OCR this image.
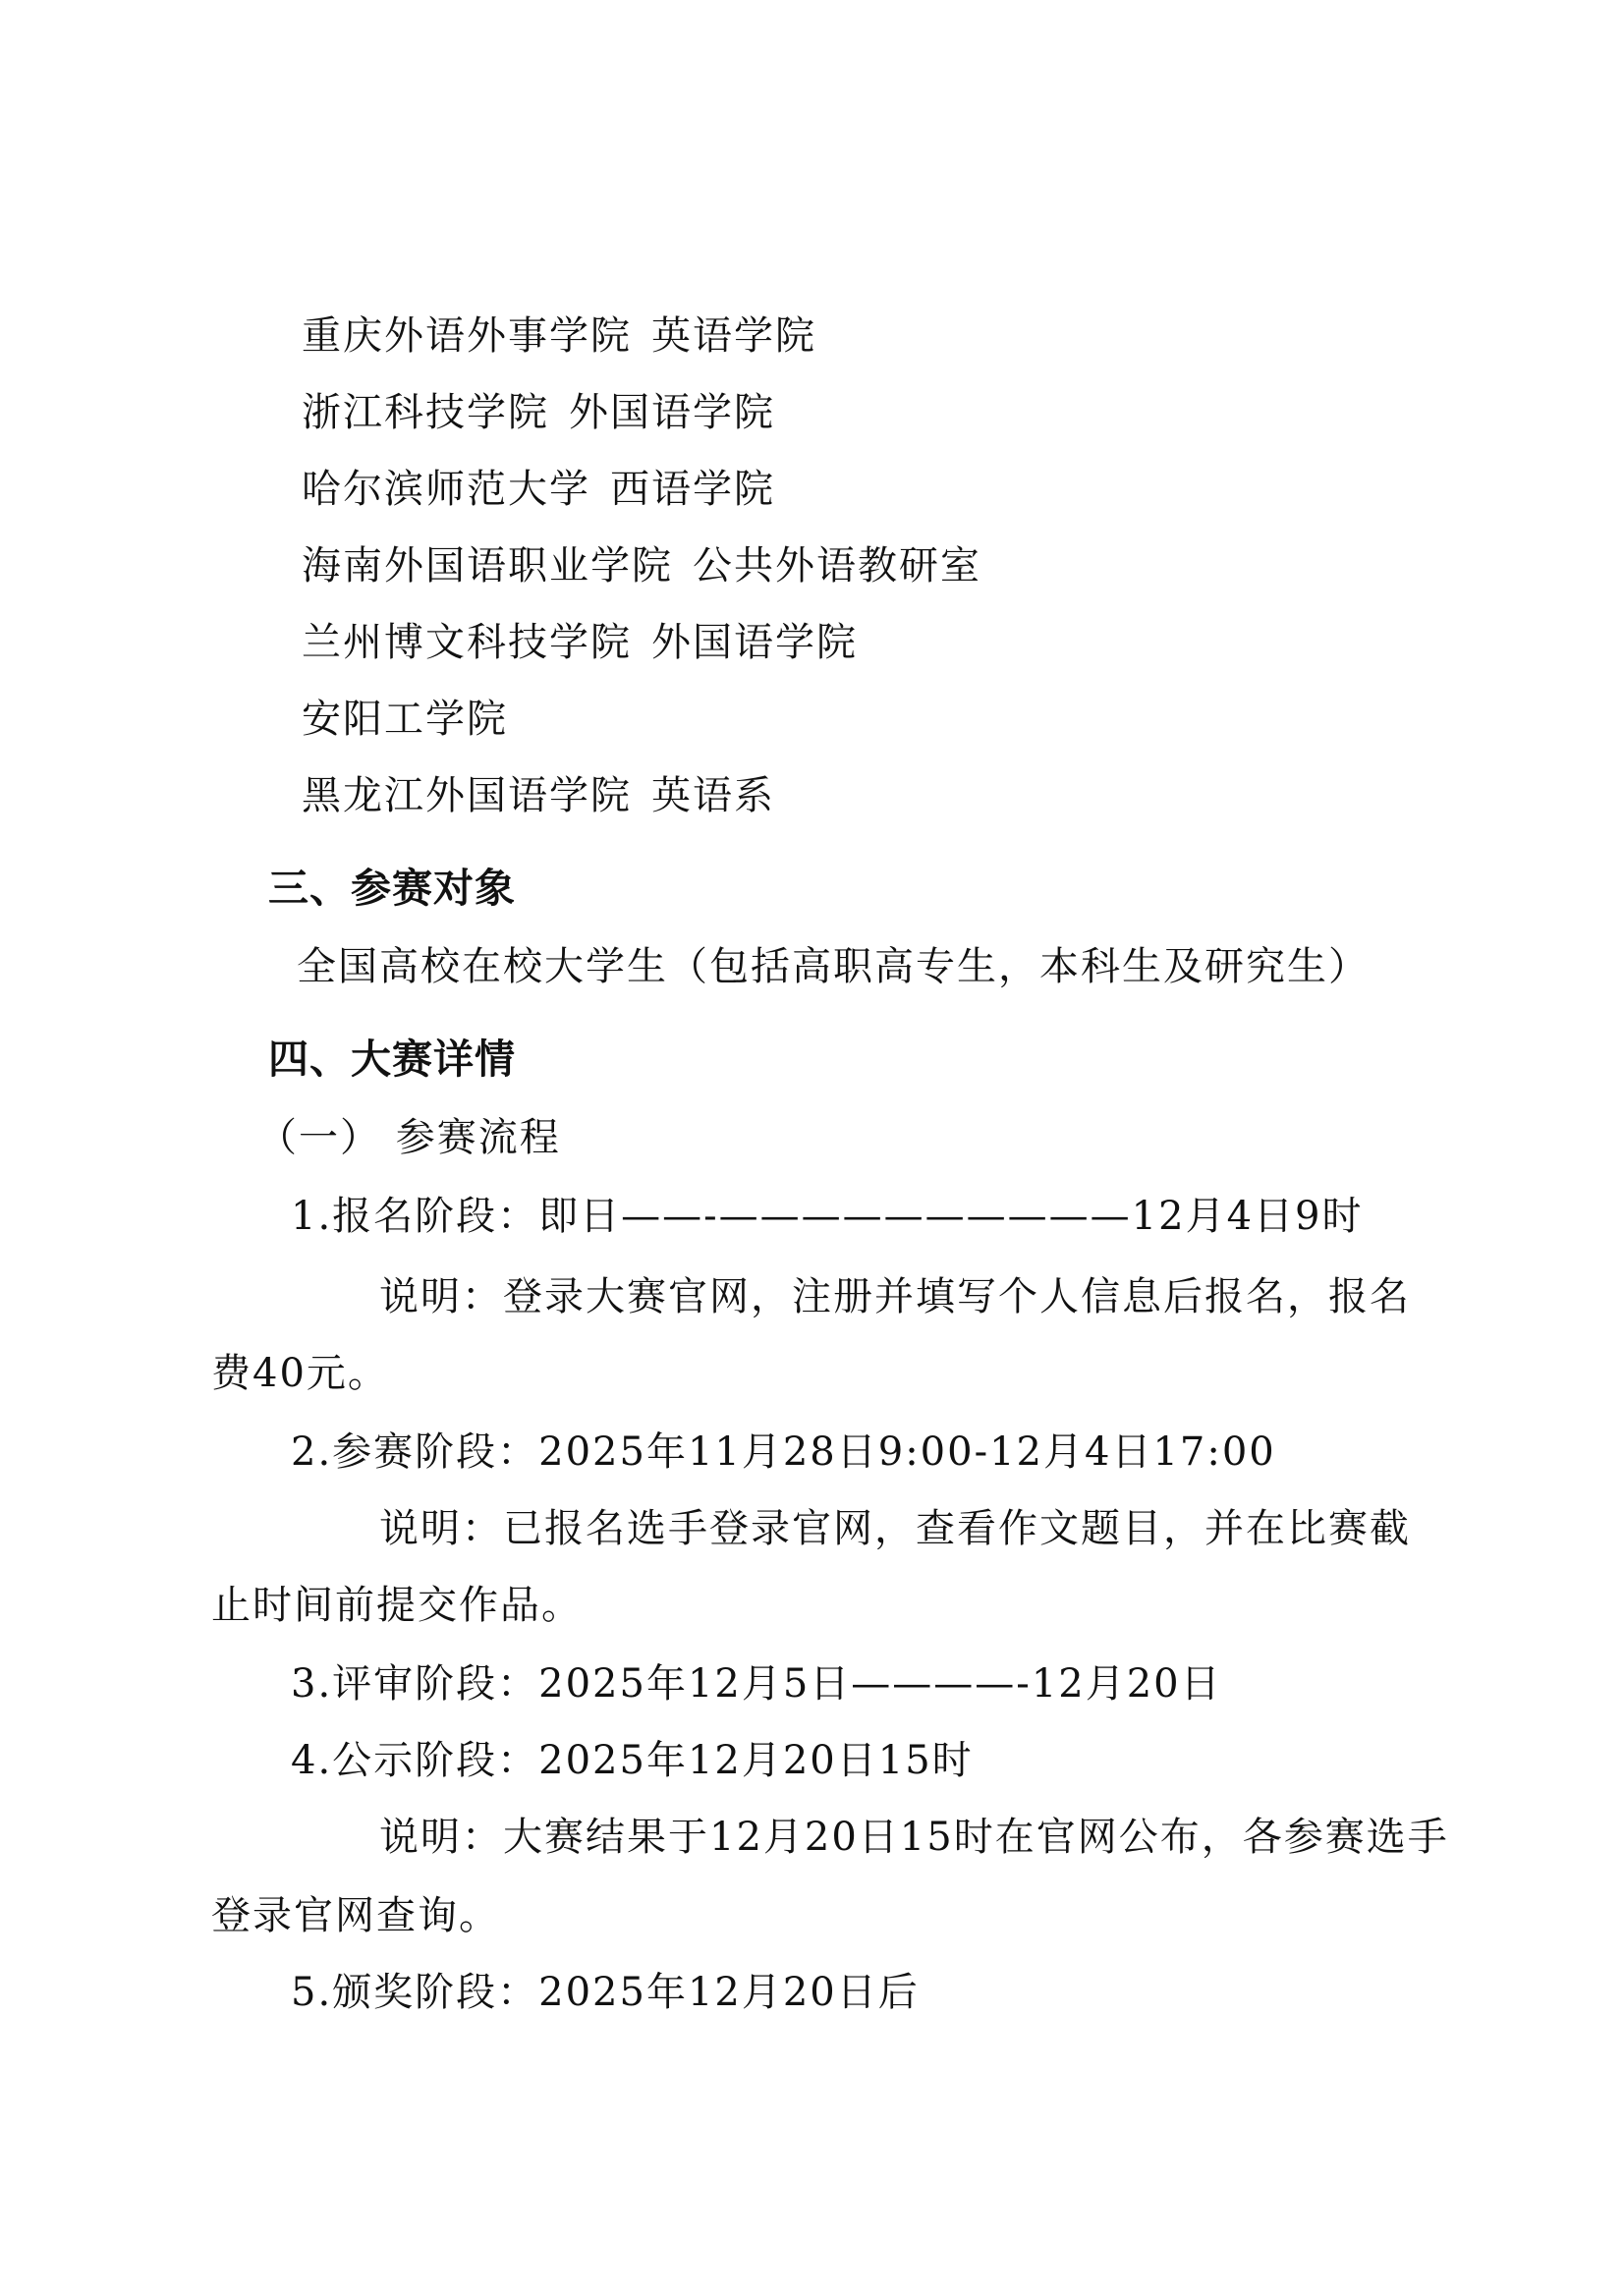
重庆外语外事学院 英语学院
浙江科技学院 外国语学院
哈尔滨师范大学 西语学院
海南外国语职业学院 公共外语教研室
兰州博文科技学院 外国语学院
安阳工学院
黑龙江外国语学院 英语系
三、参赛对象
全国高校在校大学生（包括高职高专生，本科生及研究生）
四、大赛详情
（一） 参赛流程
1.报名阶段：即日——-——————————12月4日9时
说明：登录大赛官网，注册并填写个人信息后报名，报名
费40元。
2.参赛阶段：2025年11月28日9:00-12月4日17:00
说明：已报名选手登录官网，查看作文题目，并在比赛截
止时间前提交作品。
3.评审阶段：2025年12月5日————-12月20日
4.公示阶段：2025年12月20日15时
说明：大赛结果于12月20日15时在官网公布，各参赛选手
登录官网查询。
5.颁奖阶段：2025年12月20日后
